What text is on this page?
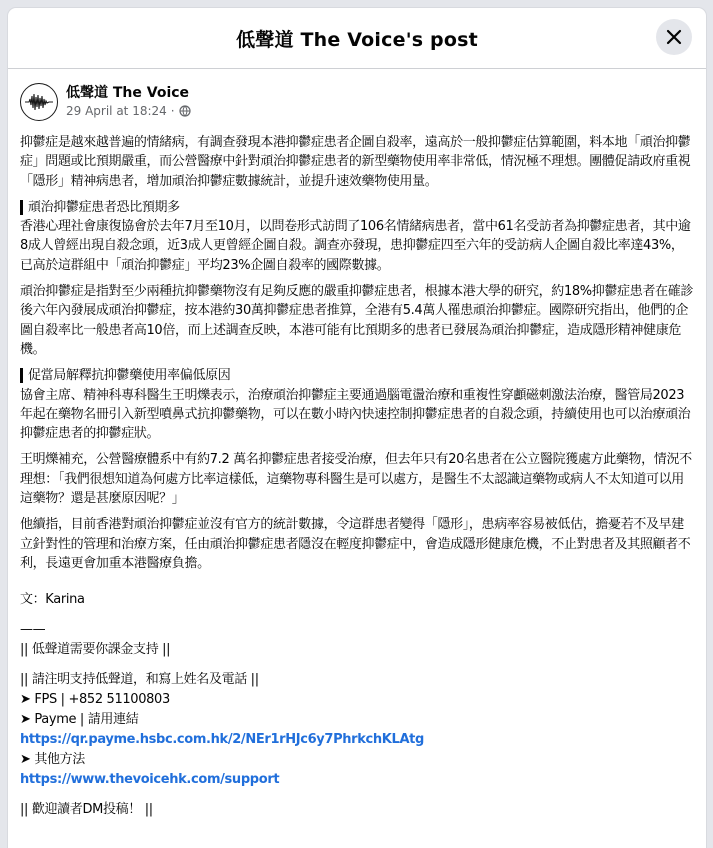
低聲道 The Voice's post
低聲道 The Voice
29 April at 18:24 ·

抑鬱症是越來越普遍的情緒病，有調查發現本港抑鬱症患者企圖自殺率，遠高於一般抑鬱症估算範圍，料本地「頑治抑鬱症」問題或比預期嚴重，而公營醫療中針對頑治抑鬱症患者的新型藥物使用率非常低，情況極不理想。團體促請政府重視「隱形」精神病患者，增加頑治抑鬱症數據統計，並提升速效藥物使用量。

頑治抑鬱症患者恐比預期多

香港心理社會康復協會於去年7月至10月，以問卷形式訪問了106名情緒病患者，當中61名受訪者為抑鬱症患者，其中逾8成人曾經出現自殺念頭，近3成人更曾經企圖自殺。調查亦發現，患抑鬱症四至六年的受訪病人企圖自殺比率達43%，已高於這群組中「頑治抑鬱症」平均23%企圖自殺率的國際數據。

頑治抑鬱症是指對至少兩種抗抑鬱藥物沒有足夠反應的嚴重抑鬱症患者，根據本港大學的研究，約18%抑鬱症患者在確診後六年內發展成頑治抑鬱症，按本港約30萬抑鬱症患者推算，全港有5.4萬人罹患頑治抑鬱症。國際研究指出，他們的企圖自殺率比一般患者高10倍，而上述調查反映，本港可能有比預期多的患者已發展為頑治抑鬱症，造成隱形精神健康危機。

促當局解釋抗抑鬱藥使用率偏低原因

協會主席、精神科專科醫生王明爍表示，治療頑治抑鬱症主要通過腦電盪治療和重複性穿顱磁刺激法治療，醫管局2023年起在藥物名冊引入新型噴鼻式抗抑鬱藥物，可以在數小時內快速控制抑鬱症患者的自殺念頭，持續使用也可以治療頑治抑鬱症患者的抑鬱症狀。

王明爍補充，公營醫療體系中有約7.2 萬名抑鬱症患者接受治療，但去年只有20名患者在公立醫院獲處方此藥物，情況不理想：「我們很想知道為何處方比率這樣低，這藥物專科醫生是可以處方，是醫生不太認識這藥物或病人不太知道可以用這藥物？還是甚麼原因呢？」

他續指，目前香港對頑治抑鬱症並沒有官方的統計數據，令這群患者變得「隱形」，患病率容易被低估，擔憂若不及早建立針對性的管理和治療方案，任由頑治抑鬱症患者隱沒在輕度抑鬱症中，會造成隱形健康危機，不止對患者及其照顧者不利，長遠更會加重本港醫療負擔。

文：Karina
——
|| 低聲道需要你課金支持 ||
|| 請注明支持低聲道，和寫上姓名及電話 ||
➤ FPS | +852 51100803
➤ Payme | 請用連結
https://qr.payme.hsbc.com.hk/2/NEr1rHJc6y7PhrkchKLAtg
➤ 其他方法
https://www.thevoicehk.com/support
|| 歡迎讀者DM投稿！ ||
